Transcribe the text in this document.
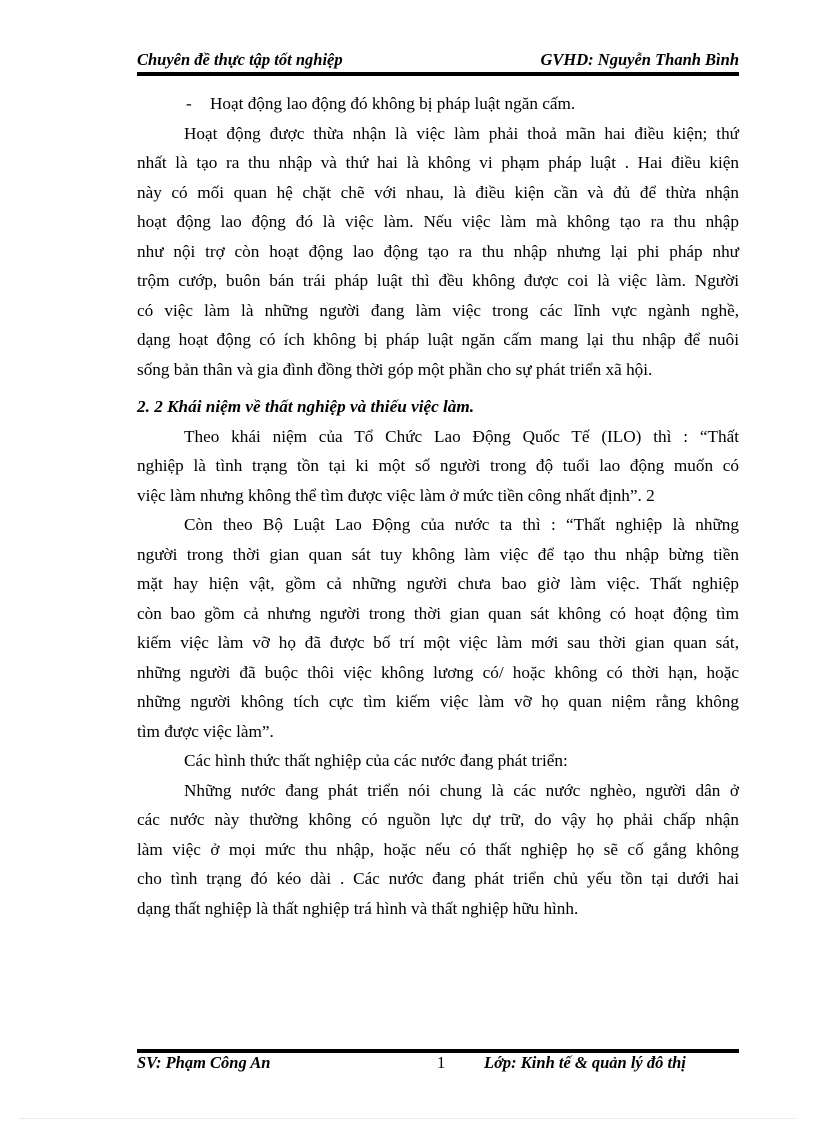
Chuyên đề thực tập tốt nghiệp	GVHD: Nguyễn Thanh Bình
- Hoạt động lao động đó không bị pháp luật ngăn cấm.
Hoạt động được thừa nhận là việc làm phải thoả mãn hai điều kiện; thứ
nhất là tạo ra thu nhập và thứ hai là không vi phạm pháp luật . Hai điều kiện
này có mối quan hệ chặt chẽ với nhau, là điều kiện cần và đủ để thừa nhận
hoạt động lao động đó là việc làm. Nếu việc làm mà không tạo ra thu nhập
như nội trợ còn hoạt động lao động tạo ra thu nhập nhưng lại phi pháp như
trộm cướp, buôn bán trái pháp luật thì đều không được coi là việc làm. Người
có việc làm là những người đang làm việc trong các lĩnh vực ngành nghề,
dạng hoạt động có ích không bị pháp luật ngăn cấm mang lại thu nhập để nuôi
sống bản thân và gia đình đồng thời góp một phần cho sự phát triển xã hội.
2. 2 Khái niệm về thất nghiệp và thiếu việc làm.
Theo khái niệm của Tổ Chức Lao Động Quốc Tế (ILO) thì : “Thất
nghiệp là tình trạng tồn tại ki một số người trong độ tuổi lao động muốn có
việc làm nhưng không thể tìm được việc làm ở mức tiền công nhất định”. 2
Còn theo Bộ Luật Lao Động của nước ta thì : “Thất nghiệp là những
người trong thời gian quan sát tuy không làm việc để tạo thu nhập bừng tiền
mặt hay hiện vật, gồm cả những người chưa bao giờ làm việc. Thất nghiệp
còn bao gồm cả nhưng người trong thời gian quan sát không có hoạt động tìm
kiếm việc làm vỡ họ đã được bố trí một việc làm mới sau thời gian quan sát,
những người đã buộc thôi việc không lương có/ hoặc không có thời hạn, hoặc
những người không tích cực tìm kiếm việc làm vỡ họ quan niệm rằng không
tìm được việc làm”.
Các hình thức thất nghiệp của các nước đang phát triển:
Những nước đang phát triển nói chung là các nước nghèo, người dân ở
các nước này thường không có nguồn lực dự trữ, do vậy họ phải chấp nhận
làm việc ở mọi mức thu nhập, hoặc nếu có thất nghiệp họ sẽ cố gắng không
cho tình trạng đó kéo dài . Các nước đang phát triển chủ yếu tồn tại dưới hai
dạng thất nghiệp là thất nghiệp trá hình và thất nghiệp hữu hình.
SV: Phạm Công An	1 Lớp: Kinh tế & quản lý đô thị
